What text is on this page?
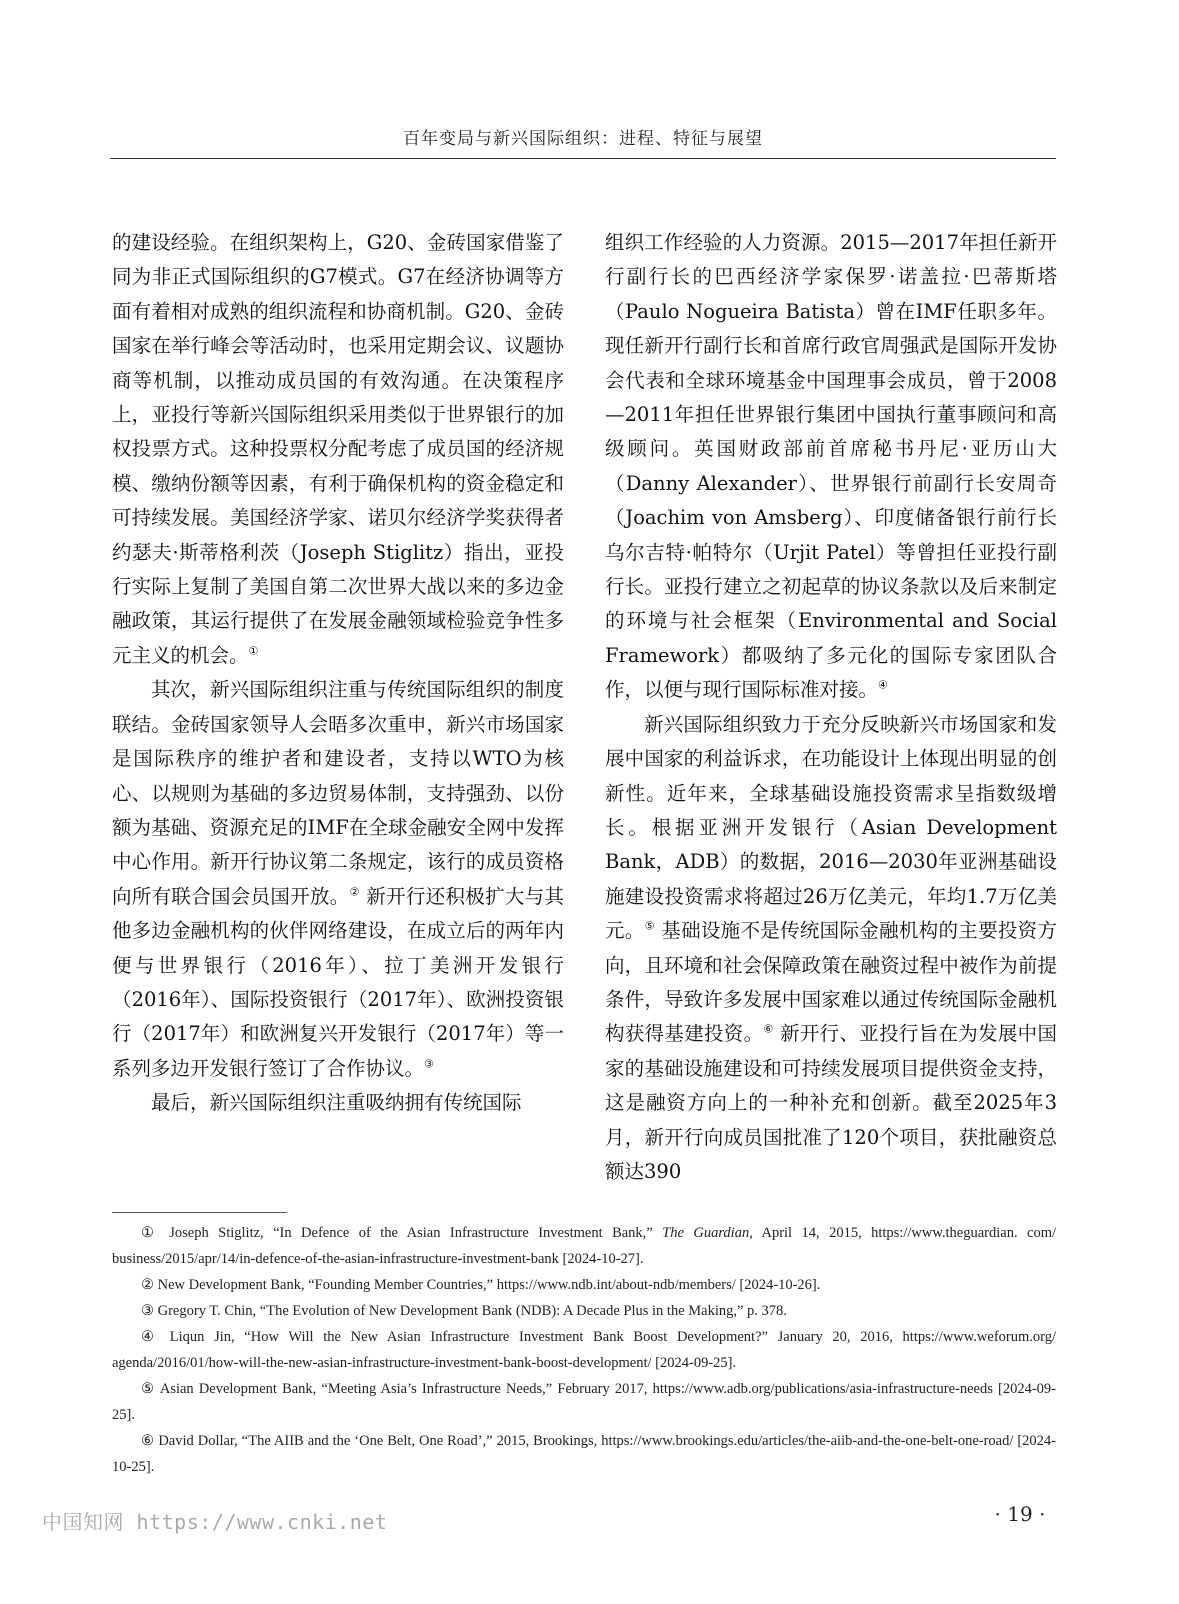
百年变局与新兴国际组织：进程、特征与展望

的建设经验。在组织架构上，G20、金砖国家借鉴了同为非正式国际组织的G7模式。G7在经济协调等方面有着相对成熟的组织流程和协商机制。G20、金砖国家在举行峰会等活动时，也采用定期会议、议题协商等机制，以推动成员国的有效沟通。在决策程序上，亚投行等新兴国际组织采用类似于世界银行的加权投票方式。这种投票权分配考虑了成员国的经济规模、缴纳份额等因素，有利于确保机构的资金稳定和可持续发展。美国经济学家、诺贝尔经济学奖获得者约瑟夫·斯蒂格利茨（Joseph Stiglitz）指出，亚投行实际上复制了美国自第二次世界大战以来的多边金融政策，其运行提供了在发展金融领域检验竞争性多元主义的机会。①

其次，新兴国际组织注重与传统国际组织的制度联结。金砖国家领导人会晤多次重申，新兴市场国家是国际秩序的维护者和建设者，支持以WTO为核心、以规则为基础的多边贸易体制，支持强劲、以份额为基础、资源充足的IMF在全球金融安全网中发挥中心作用。新开行协议第二条规定，该行的成员资格向所有联合国会员国开放。② 新开行还积极扩大与其他多边金融机构的伙伴网络建设，在成立后的两年内便与世界银行（2016年）、拉丁美洲开发银行（2016年）、国际投资银行（2017年）、欧洲投资银行（2017年）和欧洲复兴开发银行（2017年）等一系列多边开发银行签订了合作协议。③

最后，新兴国际组织注重吸纳拥有传统国际

组织工作经验的人力资源。2015—2017年担任新开行副行长的巴西经济学家保罗·诺盖拉·巴蒂斯塔（Paulo Nogueira Batista）曾在IMF任职多年。现任新开行副行长和首席行政官周强武是国际开发协会代表和全球环境基金中国理事会成员，曾于2008—2011年担任世界银行集团中国执行董事顾问和高级顾问。英国财政部前首席秘书丹尼·亚历山大（Danny Alexander）、世界银行前副行长安周奇（Joachim von Amsberg）、印度储备银行前行长乌尔吉特·帕特尔（Urjit Patel）等曾担任亚投行副行长。亚投行建立之初起草的协议条款以及后来制定的环境与社会框架（Environmental and Social Framework）都吸纳了多元化的国际专家团队合作，以便与现行国际标准对接。④

新兴国际组织致力于充分反映新兴市场国家和发展中国家的利益诉求，在功能设计上体现出明显的创新性。近年来，全球基础设施投资需求呈指数级增长。根据亚洲开发银行（Asian Development Bank，ADB）的数据，2016—2030年亚洲基础设施建设投资需求将超过26万亿美元，年均1.7万亿美元。⑤ 基础设施不是传统国际金融机构的主要投资方向，且环境和社会保障政策在融资过程中被作为前提条件，导致许多发展中国家难以通过传统国际金融机构获得基建投资。⑥ 新开行、亚投行旨在为发展中国家的基础设施建设和可持续发展项目提供资金支持，这是融资方向上的一种补充和创新。截至2025年3月，新开行向成员国批准了120个项目，获批融资总额达390

① Joseph Stiglitz, “In Defence of the Asian Infrastructure Investment Bank,” The Guardian, April 14, 2015, https://www.theguardian. com/ business/2015/apr/14/in-defence-of-the-asian-infrastructure-investment-bank [2024-10-27].

② New Development Bank, “Founding Member Countries,” https://www.ndb.int/about-ndb/members/ [2024-10-26].

③ Gregory T. Chin, “The Evolution of New Development Bank (NDB): A Decade Plus in the Making,” p. 378.

④ Liqun Jin, “How Will the New Asian Infrastructure Investment Bank Boost Development?” January 20, 2016, https://www.weforum.org/ agenda/2016/01/how-will-the-new-asian-infrastructure-investment-bank-boost-development/ [2024-09-25].

⑤ Asian Development Bank, “Meeting Asia’s Infrastructure Needs,” February 2017, https://www.adb.org/publications/asia-infrastructure-needs [2024-09-25].

⑥ David Dollar, “The AIIB and the ‘One Belt, One Road’,” 2015, Brookings, https://www.brookings.edu/articles/the-aiib-and-the-one-belt-one-road/ [2024-10-25].

中国知网 https://www.cnki.net	· 19 ·
